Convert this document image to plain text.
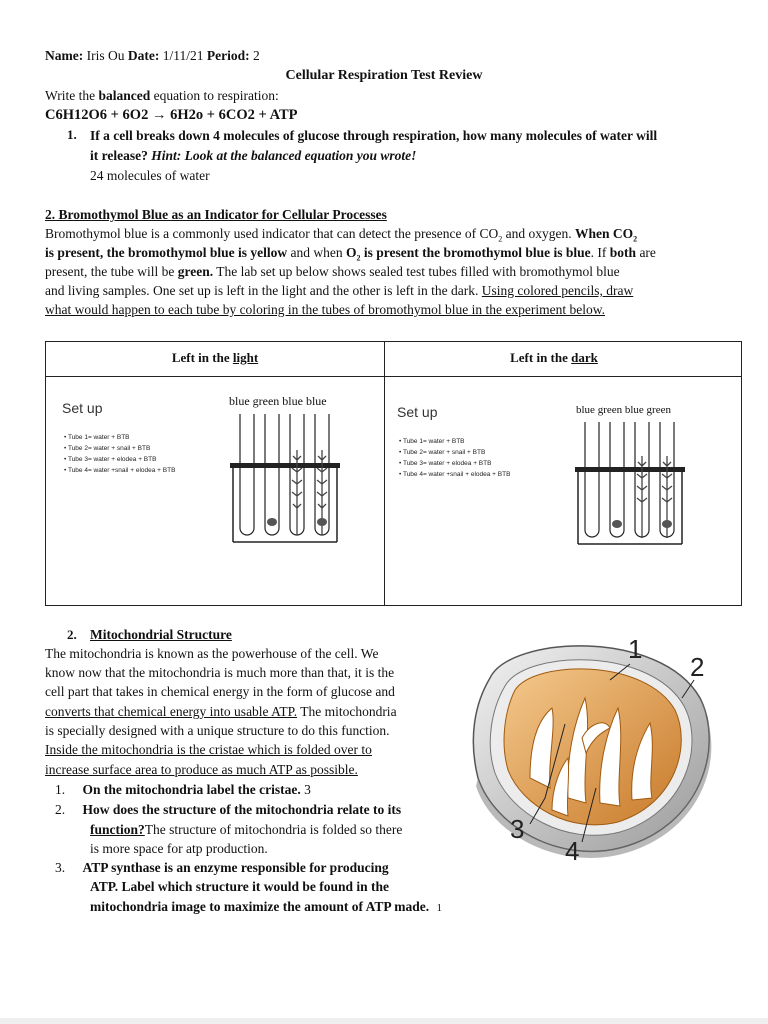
Name: Iris Ou Date: 1/11/21 Period: 2
Cellular Respiration Test Review
Write the balanced equation to respiration:
C6H12O6 + 6O2 → 6H2o + 6CO2 + ATP
1. If a cell breaks down 4 molecules of glucose through respiration, how many molecules of water will
it release? Hint: Look at the balanced equation you wrote!
24 molecules of water
2. Bromothymol Blue as an Indicator for Cellular Processes
Bromothymol blue is a commonly used indicator that can detect the presence of $CO_2$ and oxygen. When $CO_2$
is present, the bromothymol blue is yellow and when $O_2$ is present the bromothymol blue is blue. If both are
present, the tube will be green. The lab set up below shows sealed test tubes filled with bromothymol blue
and living samples. One set up is left in the light and the other is left in the dark. Using colored pencils, draw
what would happen to each tube by coloring in the tubes of bromothymol blue in the experiment below.
Left in the light	Left in the dark
Set up
• Tube 1= water + BTB
• Tube 2= water + snail + BTB
• Tube 3= water + elodea + BTB
• Tube 4= water +snail + elodea + BTB
blue green blue blue
Set up
• Tube 1= water + BTB
• Tube 2= water + snail + BTB
• Tube 3= water + elodea + BTB
• Tube 4= water +snail + elodea + BTB
blue green blue green
2. Mitochondrial Structure
The mitochondria is known as the powerhouse of the cell. We
know now that the mitochondria is much more than that, it is the
cell part that takes in chemical energy in the form of glucose and
converts that chemical energy into usable ATP. The mitochondria
is specially designed with a unique structure to do this function.
Inside the mitochondria is the cristae which is folded over to
increase surface area to produce as much ATP as possible.
1. On the mitochondria label the cristae. 3
2. How does the structure of the mitochondria relate to its
function?The structure of mitochondria is folded so there
is more space for atp production.
3. ATP synthase is an enzyme responsible for producing
ATP. Label which structure it would be found in the
mitochondria image to maximize the amount of ATP made. 1
1
2
3
4
